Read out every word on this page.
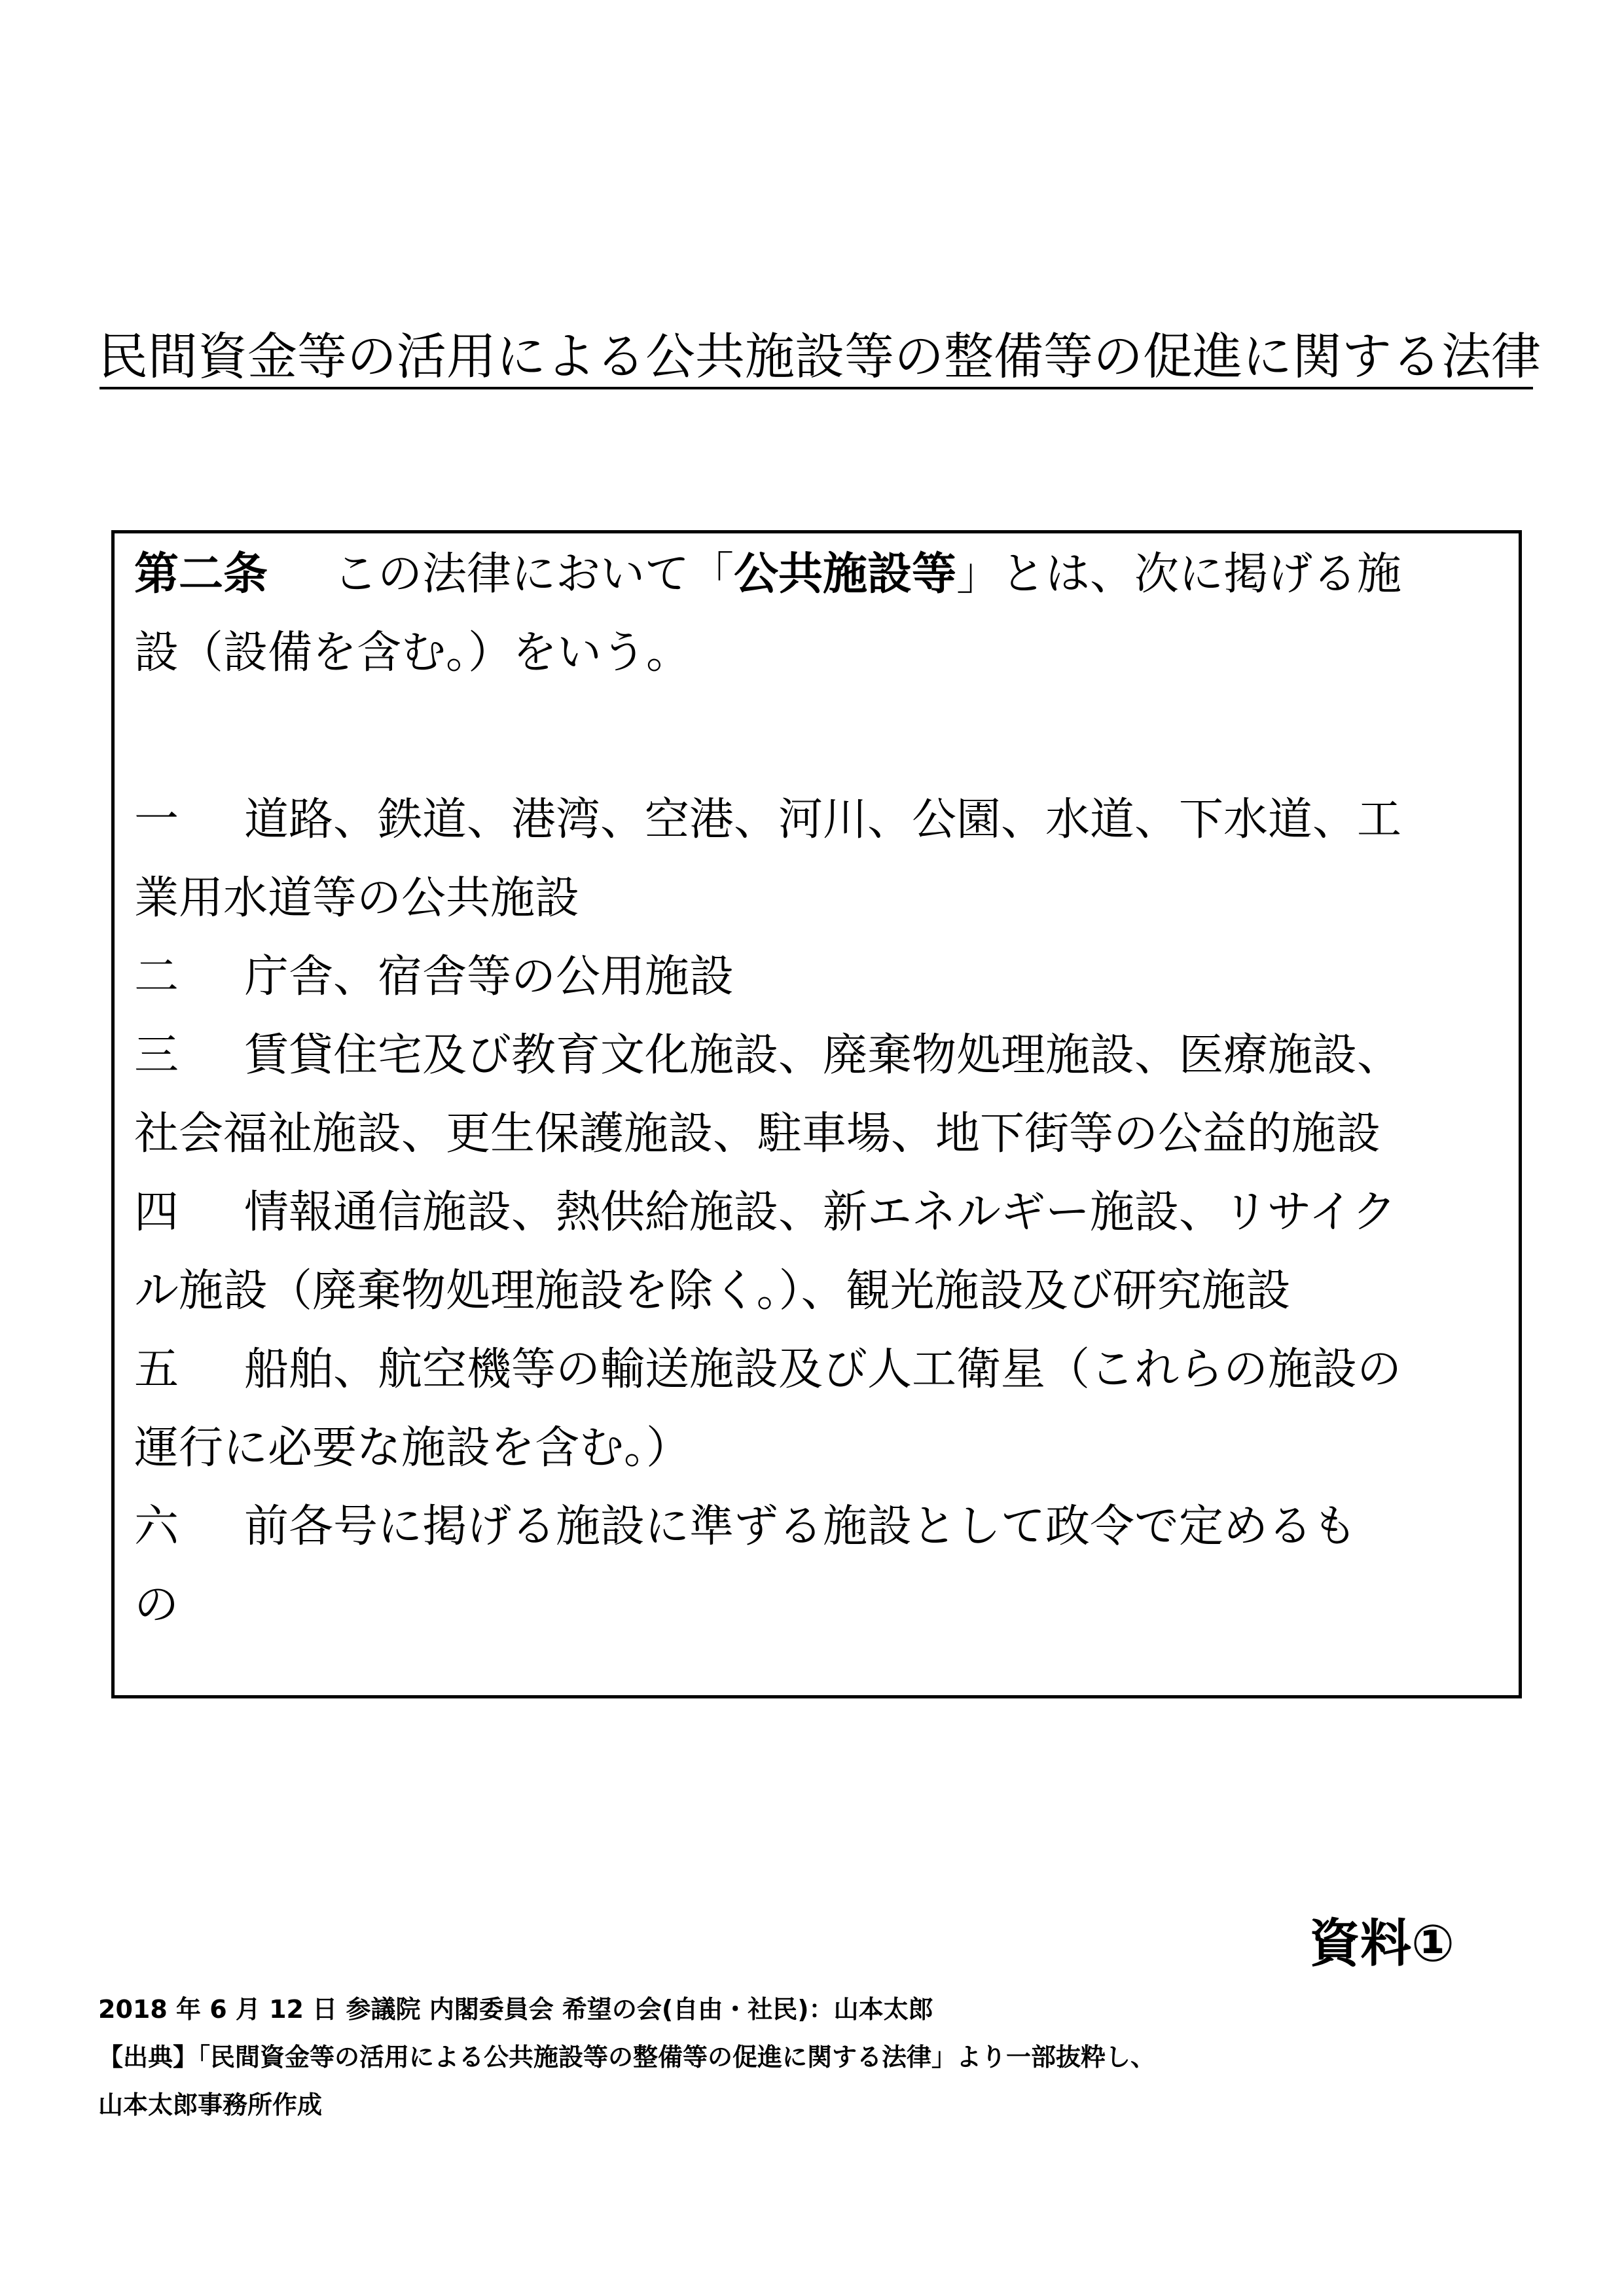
民間資金等の活用による公共施設等の整備等の促進に関する法律
第二条 この法律において「公共施設等」とは、次に掲げる施
設（設備を含む。）をいう。
一 道路、鉄道、港湾、空港、河川、公園、水道、下水道、工
業用水道等の公共施設
二 庁舎、宿舎等の公用施設
三 賃貸住宅及び教育文化施設、廃棄物処理施設、医療施設、
社会福祉施設、更生保護施設、駐車場、地下街等の公益的施設
四 情報通信施設、熱供給施設、新エネルギー施設、リサイク
ル施設（廃棄物処理施設を除く。）、観光施設及び研究施設
五 船舶、航空機等の輸送施設及び人工衛星（これらの施設の
運行に必要な施設を含む。）
六 前各号に掲げる施設に準ずる施設として政令で定めるも
の
資料①
2018 年 6 月 12 日 参議院 内閣委員会 希望の会(自由・社民)：山本太郎
【出典】「民間資金等の活用による公共施設等の整備等の促進に関する法律」より一部抜粋し、
山本太郎事務所作成
